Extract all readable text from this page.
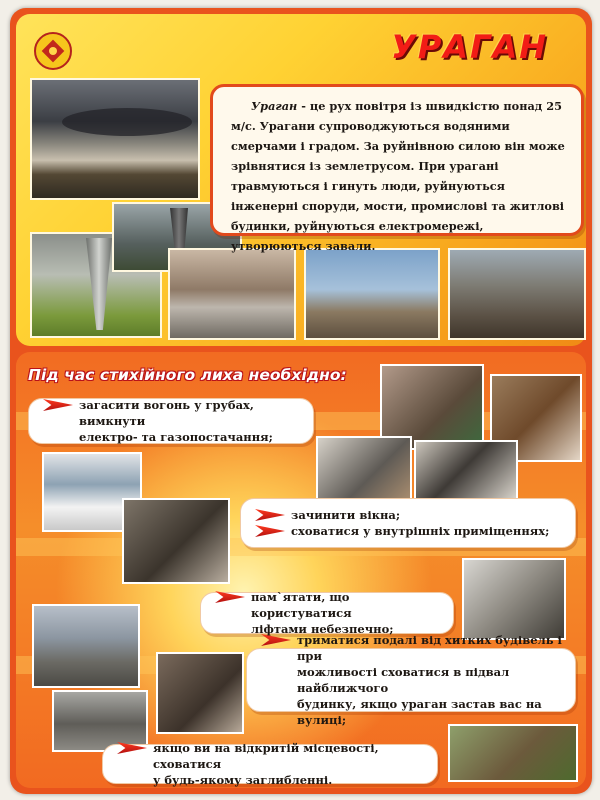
УРАГАН

Ураган - це рух повітря із швидкістю понад 25 м/с. Урагани супроводжуються водяними смерчами і градом. За руйнівною силою він може зрівнятися із землетрусом. При урагані травмуються і гинуть люди, руйнуються інженерні споруди, мости, промислові та житлові будинки, руйнуються електромережі, утворюються завали.

Під час стихійного лиха необхідно:
загасити вогонь у грубах, вимкнути
електро- та газопостачання;
зачинити вікна;
сховатися у внутрішніх приміщеннях;
пам`ятати, що користуватися
ліфтами небезпечно;
триматися подалі від хитких будівель і при
можливості сховатися в підвал найближчого
будинку, якщо ураган застав вас на вулиці;
якщо ви на відкритій місцевості, сховатися
у будь-якому заглибленні.
